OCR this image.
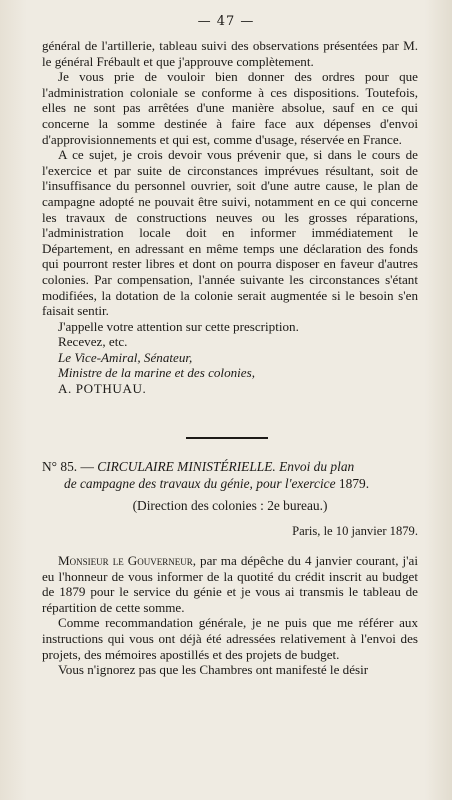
— 47 —

général de l'artillerie, tableau suivi des observations présentées par M. le général Frébault et que j'approuve complètement.

Je vous prie de vouloir bien donner des ordres pour que l'administration coloniale se conforme à ces dispositions. Toutefois, elles ne sont pas arrêtées d'une manière absolue, sauf en ce qui concerne la somme destinée à faire face aux dépenses d'envoi d'approvisionnements et qui est, comme d'usage, réservée en France.

A ce sujet, je crois devoir vous prévenir que, si dans le cours de l'exercice et par suite de circonstances imprévues résultant, soit de l'insuffisance du personnel ouvrier, soit d'une autre cause, le plan de campagne adopté ne pouvait être suivi, notamment en ce qui concerne les travaux de constructions neuves ou les grosses réparations, l'administration locale doit en informer immédiatement le Département, en adressant en même temps une déclaration des fonds qui pourront rester libres et dont on pourra disposer en faveur d'autres colonies. Par compensation, l'année suivante les circonstances s'étant modifiées, la dotation de la colonie serait augmentée si le besoin s'en faisait sentir.

J'appelle votre attention sur cette prescription.

Recevez, etc.

Le Vice-Amiral, Sénateur,

Ministre de la marine et des colonies,

A. POTHUAU.

N° 85. — CIRCULAIRE MINISTÉRIELLE. Envoi du plan
de campagne des travaux du génie, pour l'exercice 1879.

(Direction des colonies : 2e bureau.)

Paris, le 10 janvier 1879.

Monsieur le Gouverneur, par ma dépêche du 4 janvier courant, j'ai eu l'honneur de vous informer de la quotité du crédit inscrit au budget de 1879 pour le service du génie et je vous ai transmis le tableau de répartition de cette somme.

Comme recommandation générale, je ne puis que me référer aux instructions qui vous ont déjà été adressées relativement à l'envoi des projets, des mémoires apostillés et des projets de budget.

Vous n'ignorez pas que les Chambres ont manifesté le désir
